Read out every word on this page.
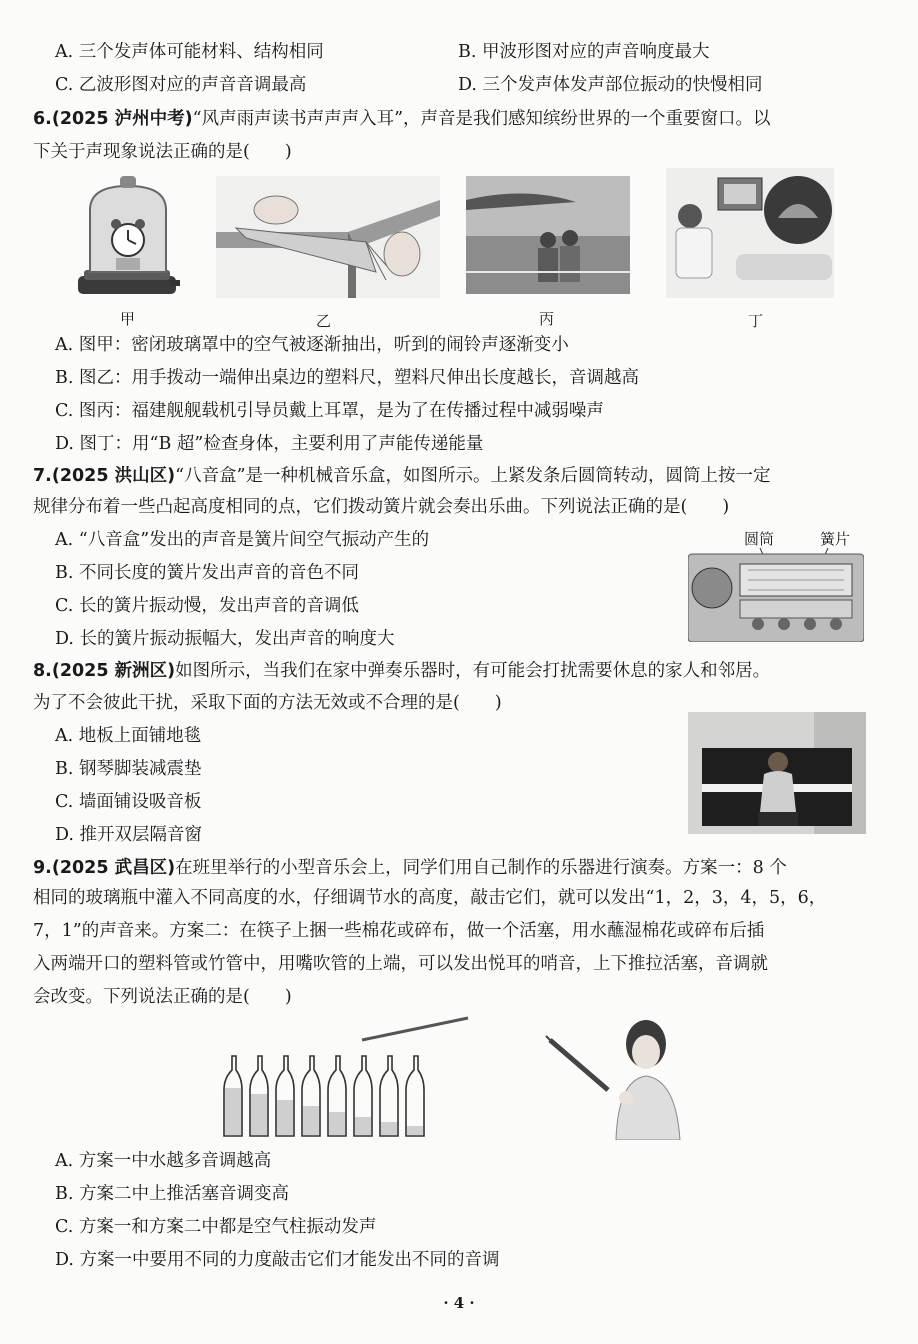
A. 三个发声体可能材料、结构相同	B. 甲波形图对应的声音响度最大
C. 乙波形图对应的声音音调最高	D. 三个发声体发声部位振动的快慢相同
6.(2025 泸州中考)“风声雨声读书声声声入耳”，声音是我们感知缤纷世界的一个重要窗口。以
下关于声现象说法正确的是(　　)
甲	乙	丙	丁
A. 图甲：密闭玻璃罩中的空气被逐渐抽出，听到的闹铃声逐渐变小
B. 图乙：用手拨动一端伸出桌边的塑料尺，塑料尺伸出长度越长，音调越高
C. 图丙：福建舰舰载机引导员戴上耳罩，是为了在传播过程中减弱噪声
D. 图丁：用“B 超”检查身体，主要利用了声能传递能量
7.(2025 洪山区)“八音盒”是一种机械音乐盒，如图所示。上紧发条后圆筒转动，圆筒上按一定
规律分布着一些凸起高度相同的点，它们拨动簧片就会奏出乐曲。下列说法正确的是(　　)
A. “八音盒”发出的声音是簧片间空气振动产生的
B. 不同长度的簧片发出声音的音色不同
C. 长的簧片振动慢，发出声音的音调低
D. 长的簧片振动振幅大，发出声音的响度大
圆筒	簧片
8.(2025 新洲区)如图所示，当我们在家中弹奏乐器时，有可能会打扰需要休息的家人和邻居。
为了不会彼此干扰，采取下面的方法无效或不合理的是(　　)
A. 地板上面铺地毯
B. 钢琴脚装减震垫
C. 墙面铺设吸音板
D. 推开双层隔音窗
9.(2025 武昌区)在班里举行的小型音乐会上，同学们用自己制作的乐器进行演奏。方案一：8 个
相同的玻璃瓶中灌入不同高度的水，仔细调节水的高度，敲击它们，就可以发出“1，2，3，4，5，6，
7，1”的声音来。方案二：在筷子上捆一些棉花或碎布，做一个活塞，用水蘸湿棉花或碎布后插
入两端开口的塑料管或竹管中，用嘴吹管的上端，可以发出悦耳的哨音，上下推拉活塞，音调就
会改变。下列说法正确的是(　　)
A. 方案一中水越多音调越高
B. 方案二中上推活塞音调变高
C. 方案一和方案二中都是空气柱振动发声
D. 方案一中要用不同的力度敲击它们才能发出不同的音调
· 4 ·
